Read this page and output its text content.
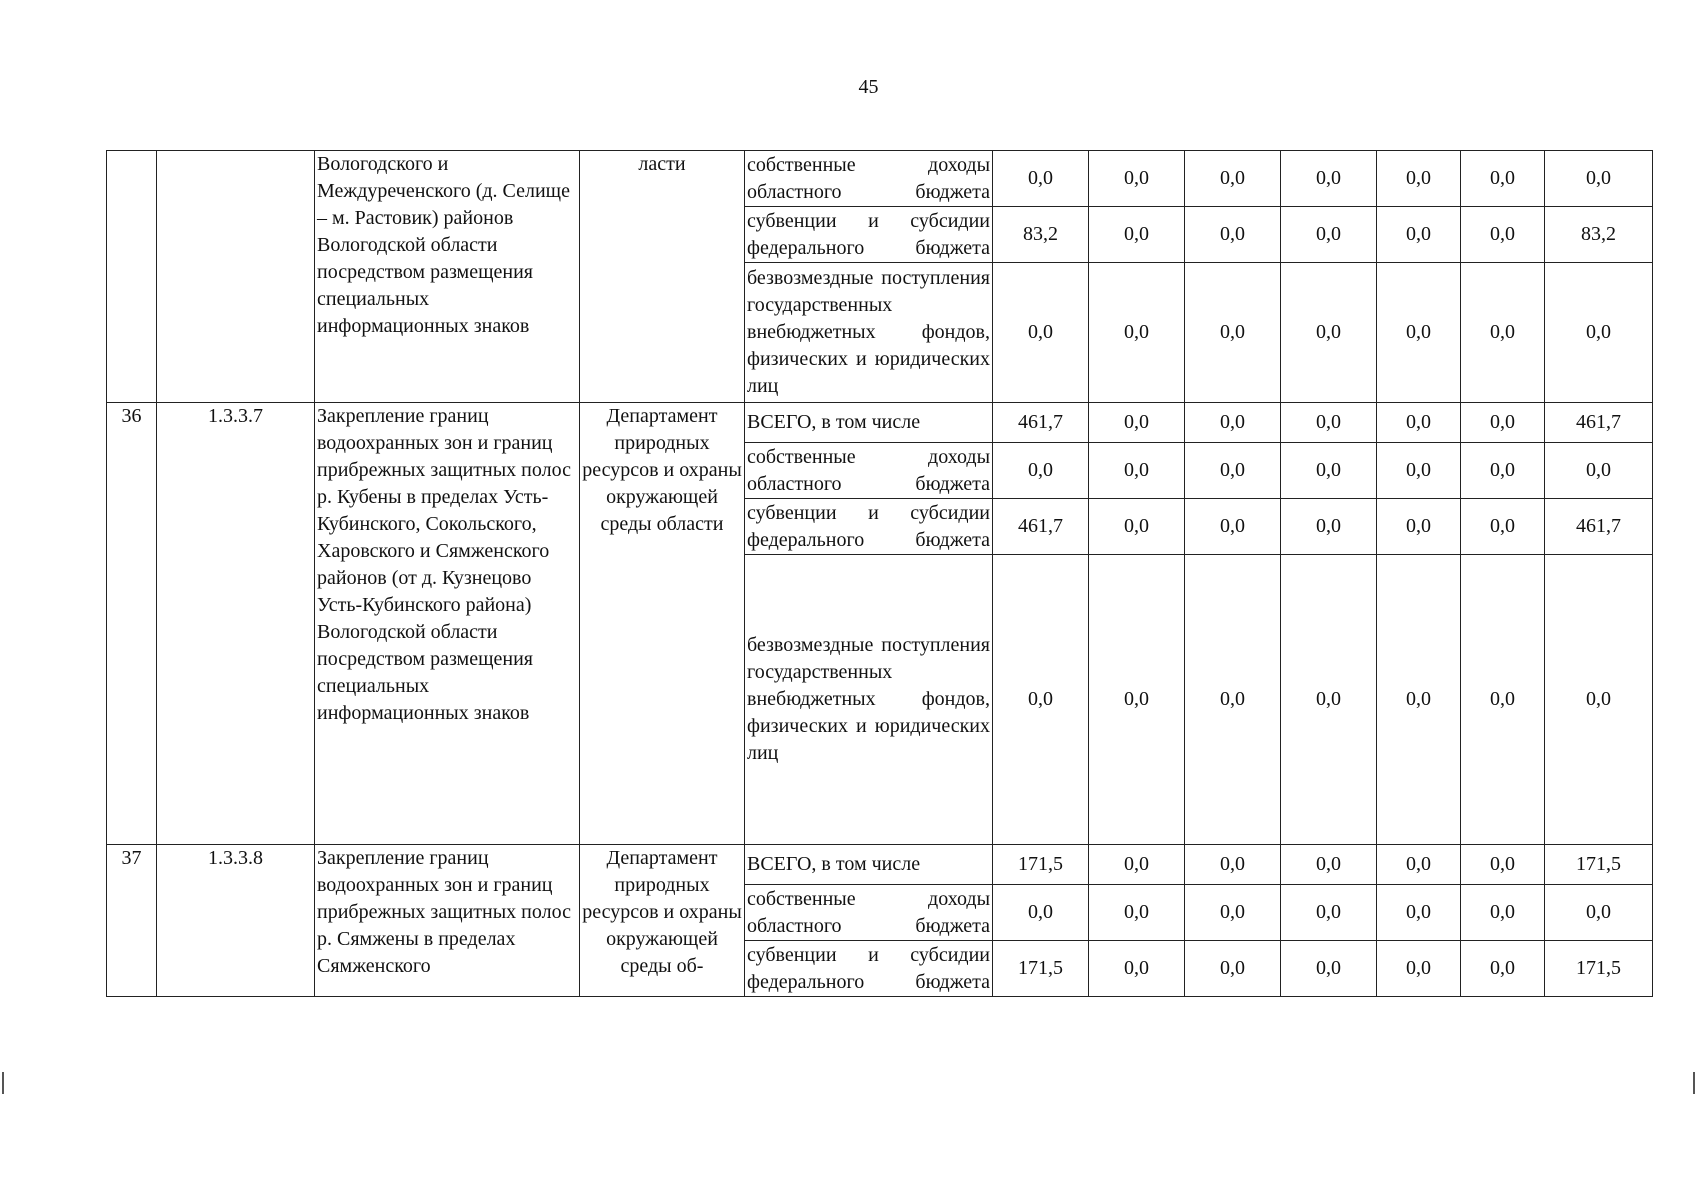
45
		Вологодского и Междуреченского (д. Селище – м. Растовик) районов Вологодской области посредством размещения специальных информационных знаков	ласти	собственные доходы областного бюджета	0,0	0,0	0,0	0,0	0,0	0,0	0,0
				субвенции и субсидии федерального бюджета	83,2	0,0	0,0	0,0	0,0	0,0	83,2
				безвозмездные поступления государственных внебюджетных фондов, физических и юридических лиц	0,0	0,0	0,0	0,0	0,0	0,0	0,0
36	1.3.3.7	Закрепление границ водоохранных зон и границ прибрежных защитных полос р. Кубены в пределах Усть-Кубинского, Сокольского, Харовского и Сямженского районов (от д. Кузнецово Усть-Кубинского района) Вологодской области посредством размещения специальных информационных знаков	Департамент природных ресурсов и охраны окружающей среды области	ВСЕГО, в том числе	461,7	0,0	0,0	0,0	0,0	0,0	461,7
				собственные доходы областного бюджета	0,0	0,0	0,0	0,0	0,0	0,0	0,0
				субвенции и субсидии федерального бюджета	461,7	0,0	0,0	0,0	0,0	0,0	461,7
				безвозмездные поступления государственных внебюджетных фондов, физических и юридических лиц	0,0	0,0	0,0	0,0	0,0	0,0	0,0
37	1.3.3.8	Закрепление границ водоохранных зон и границ прибрежных защитных полос р. Сямжены в пределах Сямженского	Департамент природных ресурсов и охраны окружающей среды об-	ВСЕГО, в том числе	171,5	0,0	0,0	0,0	0,0	0,0	171,5
				собственные доходы областного бюджета	0,0	0,0	0,0	0,0	0,0	0,0	0,0
				субвенции и субсидии федерального бюджета	171,5	0,0	0,0	0,0	0,0	0,0	171,5
